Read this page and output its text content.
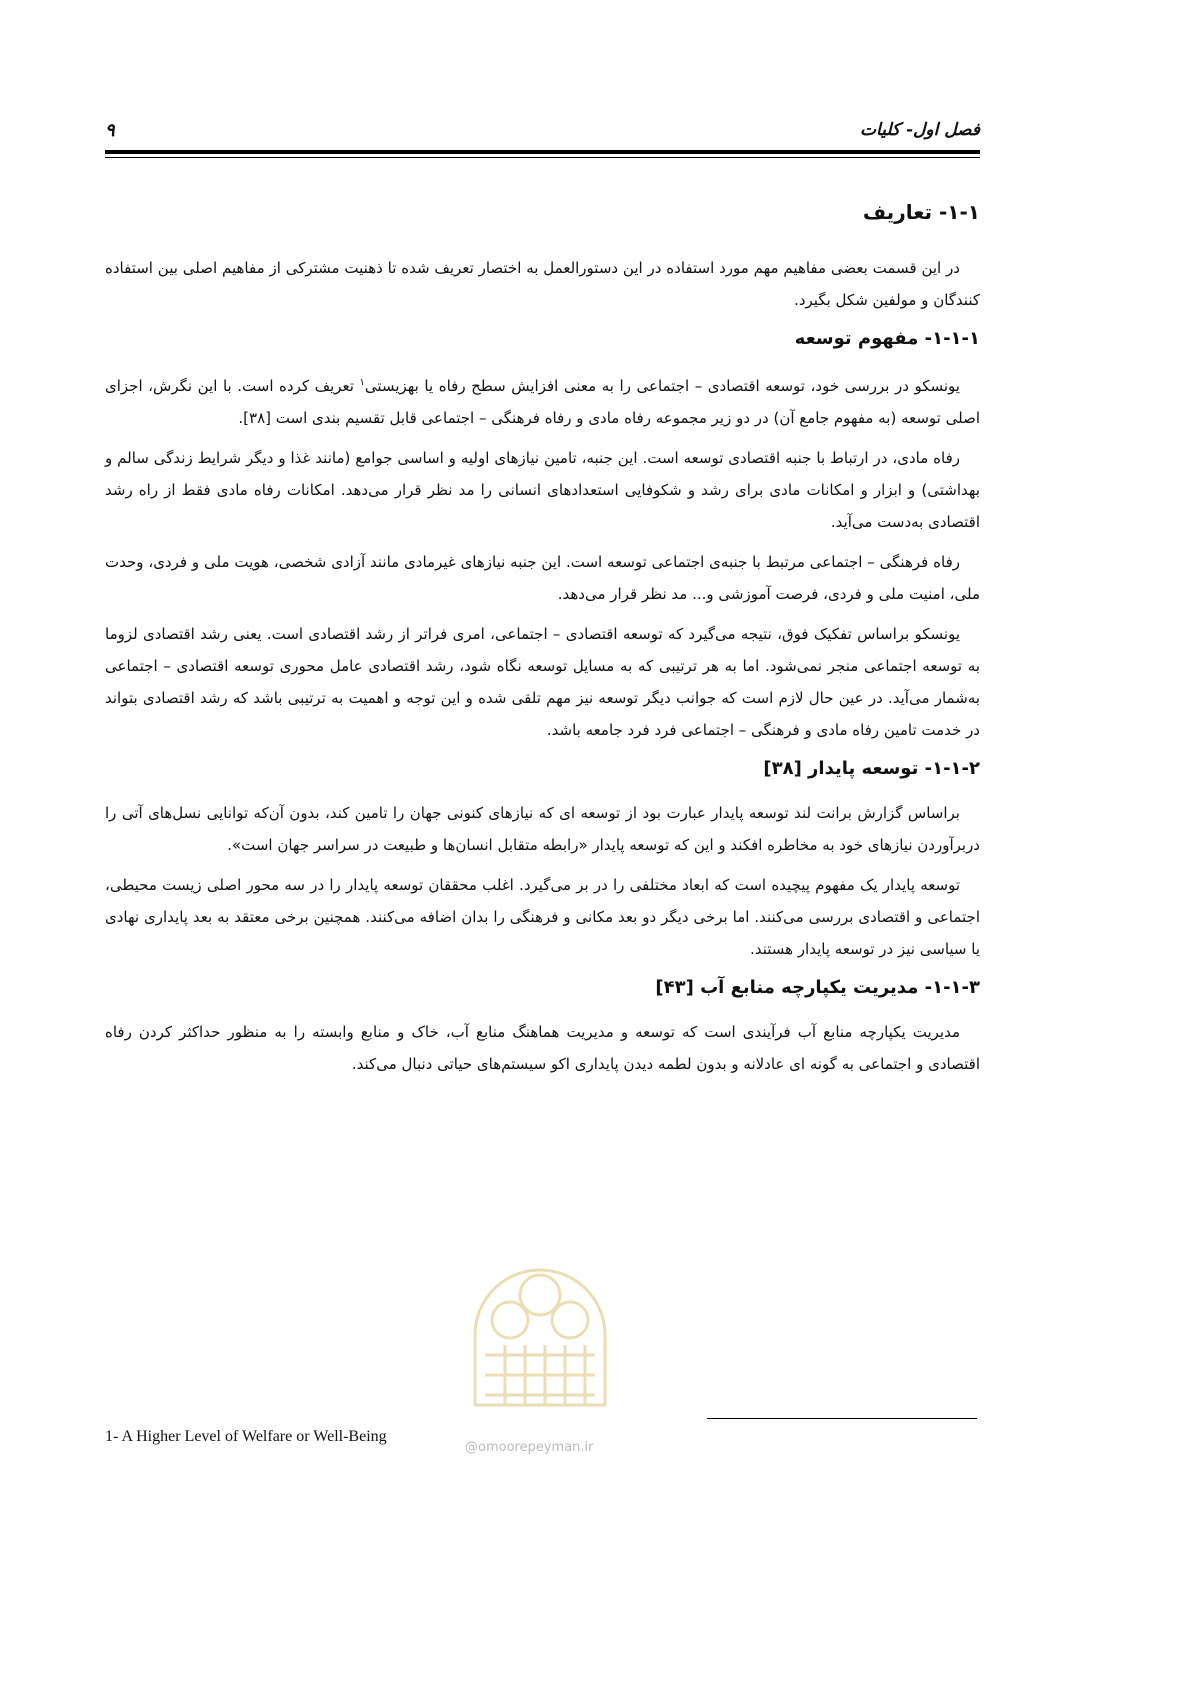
فصل اول- کلیات
۹
۱-۱- تعاریف

در این قسمت بعضی مفاهیم مهم مورد استفاده در این دستورالعمل به اختصار تعریف شده تا ذهنیت مشترکی از مفاهیم اصلی بین استفاده کنندگان و مولفین شکل بگیرد.

۱-۱-۱- مفهوم توسعه

یونسکو در بررسی خود، توسعه اقتصادی – اجتماعی را به معنی افزایش سطح رفاه یا بهزیستی$^۱$ تعریف کرده است. با این نگرش، اجزای اصلی توسعه (به مفهوم جامع آن) در دو زیر مجموعه رفاه مادی و رفاه فرهنگی – اجتماعی قابل تقسیم بندی است [۳۸].

رفاه مادی، در ارتباط با جنبه اقتصادی توسعه است. این جنبه، تامین نیازهای اولیه و اساسی جوامع (مانند غذا و دیگر شرایط زندگی سالم و بهداشتی) و ابزار و امکانات مادی برای رشد و شکوفایی استعدادهای انسانی را مد نظر قرار می‌دهد. امکانات رفاه مادی فقط از راه رشد اقتصادی به‌دست می‌آید.

رفاه فرهنگی – اجتماعی مرتبط با جنبه‌ی اجتماعی توسعه است. این جنبه نیازهای غیرمادی مانند آزادی شخصی، هویت ملی و فردی، وحدت ملی، امنیت ملی و فردی، فرصت آموزشی و... مد نظر قرار می‌دهد.

یونسکو براساس تفکیک فوق، نتیجه می‌گیرد که توسعه اقتصادی – اجتماعی، امری فراتر از رشد اقتصادی است. یعنی رشد اقتصادی لزوما به توسعه اجتماعی منجر نمی‌شود. اما به هر ترتیبی که به مسایل توسعه نگاه شود، رشد اقتصادی عامل محوری توسعه اقتصادی – اجتماعی به‌شمار می‌آید. در عین حال لازم است که جوانب دیگر توسعه نیز مهم تلقی شده و این توجه و اهمیت به ترتیبی باشد که رشد اقتصادی بتواند در خدمت تامین رفاه مادی و فرهنگی – اجتماعی فرد فرد جامعه باشد.

۱-۱-۲- توسعه پایدار [۳۸]

براساس گزارش برانت لند توسعه پایدار عبارت بود از توسعه ای که نیازهای کنونی جهان را تامین کند، بدون آن‌که توانایی نسل‌های آتی را دربرآوردن نیازهای خود به مخاطره افکند و این که توسعه پایدار «رابطه متقابل انسان‌ها و طبیعت در سراسر جهان است».

توسعه پایدار یک مفهوم پیچیده است که ابعاد مختلفی را در بر می‌گیرد. اغلب محققان توسعه پایدار را در سه محور اصلی زیست محیطی، اجتماعی و اقتصادی بررسی می‌کنند. اما برخی دیگر دو بعد مکانی و فرهنگی را بدان اضافه می‌کنند. همچنین برخی معتقد به بعد پایداری نهادی یا سیاسی نیز در توسعه پایدار هستند.

۱-۱-۳- مدیریت یکپارچه منابع آب [۴۳]

مدیریت یکپارچه منابع آب فرآیندی است که توسعه و مدیریت هماهنگ منابع آب، خاک و منابع وابسته را به منظور حداکثر کردن رفاه اقتصادی و اجتماعی به گونه ای عادلانه و بدون لطمه دیدن پایداری اکو سیستم‌های حیاتی دنبال می‌کند.

@omoorepeyman.ir
1- A Higher Level of Welfare or Well-Being
